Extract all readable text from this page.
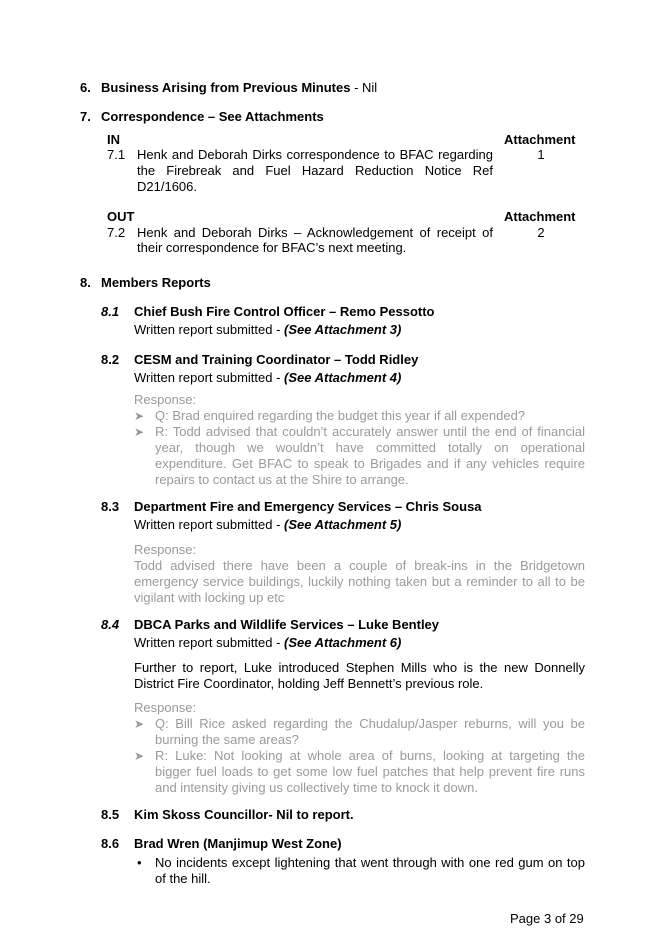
6. Business Arising from Previous Minutes - Nil
7. Correspondence – See Attachments
IN	Attachment
7.1 Henk and Deborah Dirks correspondence to BFAC regarding
the Firebreak and Fuel Hazard Reduction Notice Ref
D21/1606.
1
OUT	Attachment
7.2 Henk and Deborah Dirks – Acknowledgement of receipt of
their correspondence for BFAC’s next meeting.
2
8. Members Reports
8.1 Chief Bush Fire Control Officer – Remo Pessotto
Written report submitted - (See Attachment 3)
8.2 CESM and Training Coordinator – Todd Ridley
Written report submitted - (See Attachment 4)
Response:
➤ Q: Brad enquired regarding the budget this year if all expended?
➤ R: Todd advised that couldn’t accurately answer until the end of financial
year, though we wouldn’t have committed totally on operational
expenditure. Get BFAC to speak to Brigades and if any vehicles require
repairs to contact us at the Shire to arrange.
8.3 Department Fire and Emergency Services – Chris Sousa
Written report submitted - (See Attachment 5)
Response:
Todd advised there have been a couple of break-ins in the Bridgetown
emergency service buildings, luckily nothing taken but a reminder to all to be
vigilant with locking up etc
8.4 DBCA Parks and Wildlife Services – Luke Bentley
Written report submitted - (See Attachment 6)
Further to report, Luke introduced Stephen Mills who is the new Donnelly
District Fire Coordinator, holding Jeff Bennett’s previous role.
Response:
➤ Q: Bill Rice asked regarding the Chudalup/Jasper reburns, will you be
burning the same areas?
➤ R: Luke: Not looking at whole area of burns, looking at targeting the
bigger fuel loads to get some low fuel patches that help prevent fire runs
and intensity giving us collectively time to knock it down.
8.5 Kim Skoss Councillor- Nil to report.
8.6 Brad Wren (Manjimup West Zone)
• No incidents except lightening that went through with one red gum on top
of the hill.
Page 3 of 29
